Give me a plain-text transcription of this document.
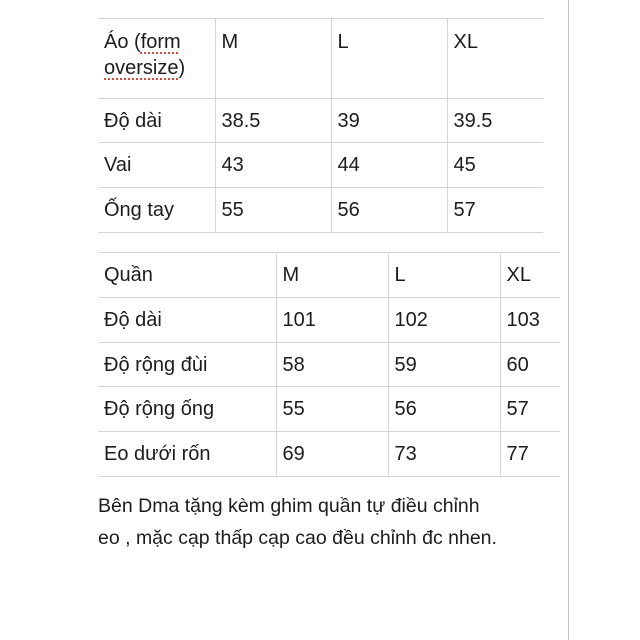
Áo (form
oversize)	M	L	XL
Độ dài	38.5	39	39.5
Vai	43	44	45
Ống tay	55	56	57
Quần	M	L	XL
Độ dài	101	102	103
Độ rộng đùi	58	59	60
Độ rộng ống	55	56	57
Eo dưới rốn	69	73	77

Bên Dma tặng kèm ghim quần tự điều chỉnh
eo , mặc cạp thấp cạp cao đều chỉnh đc nhen.
